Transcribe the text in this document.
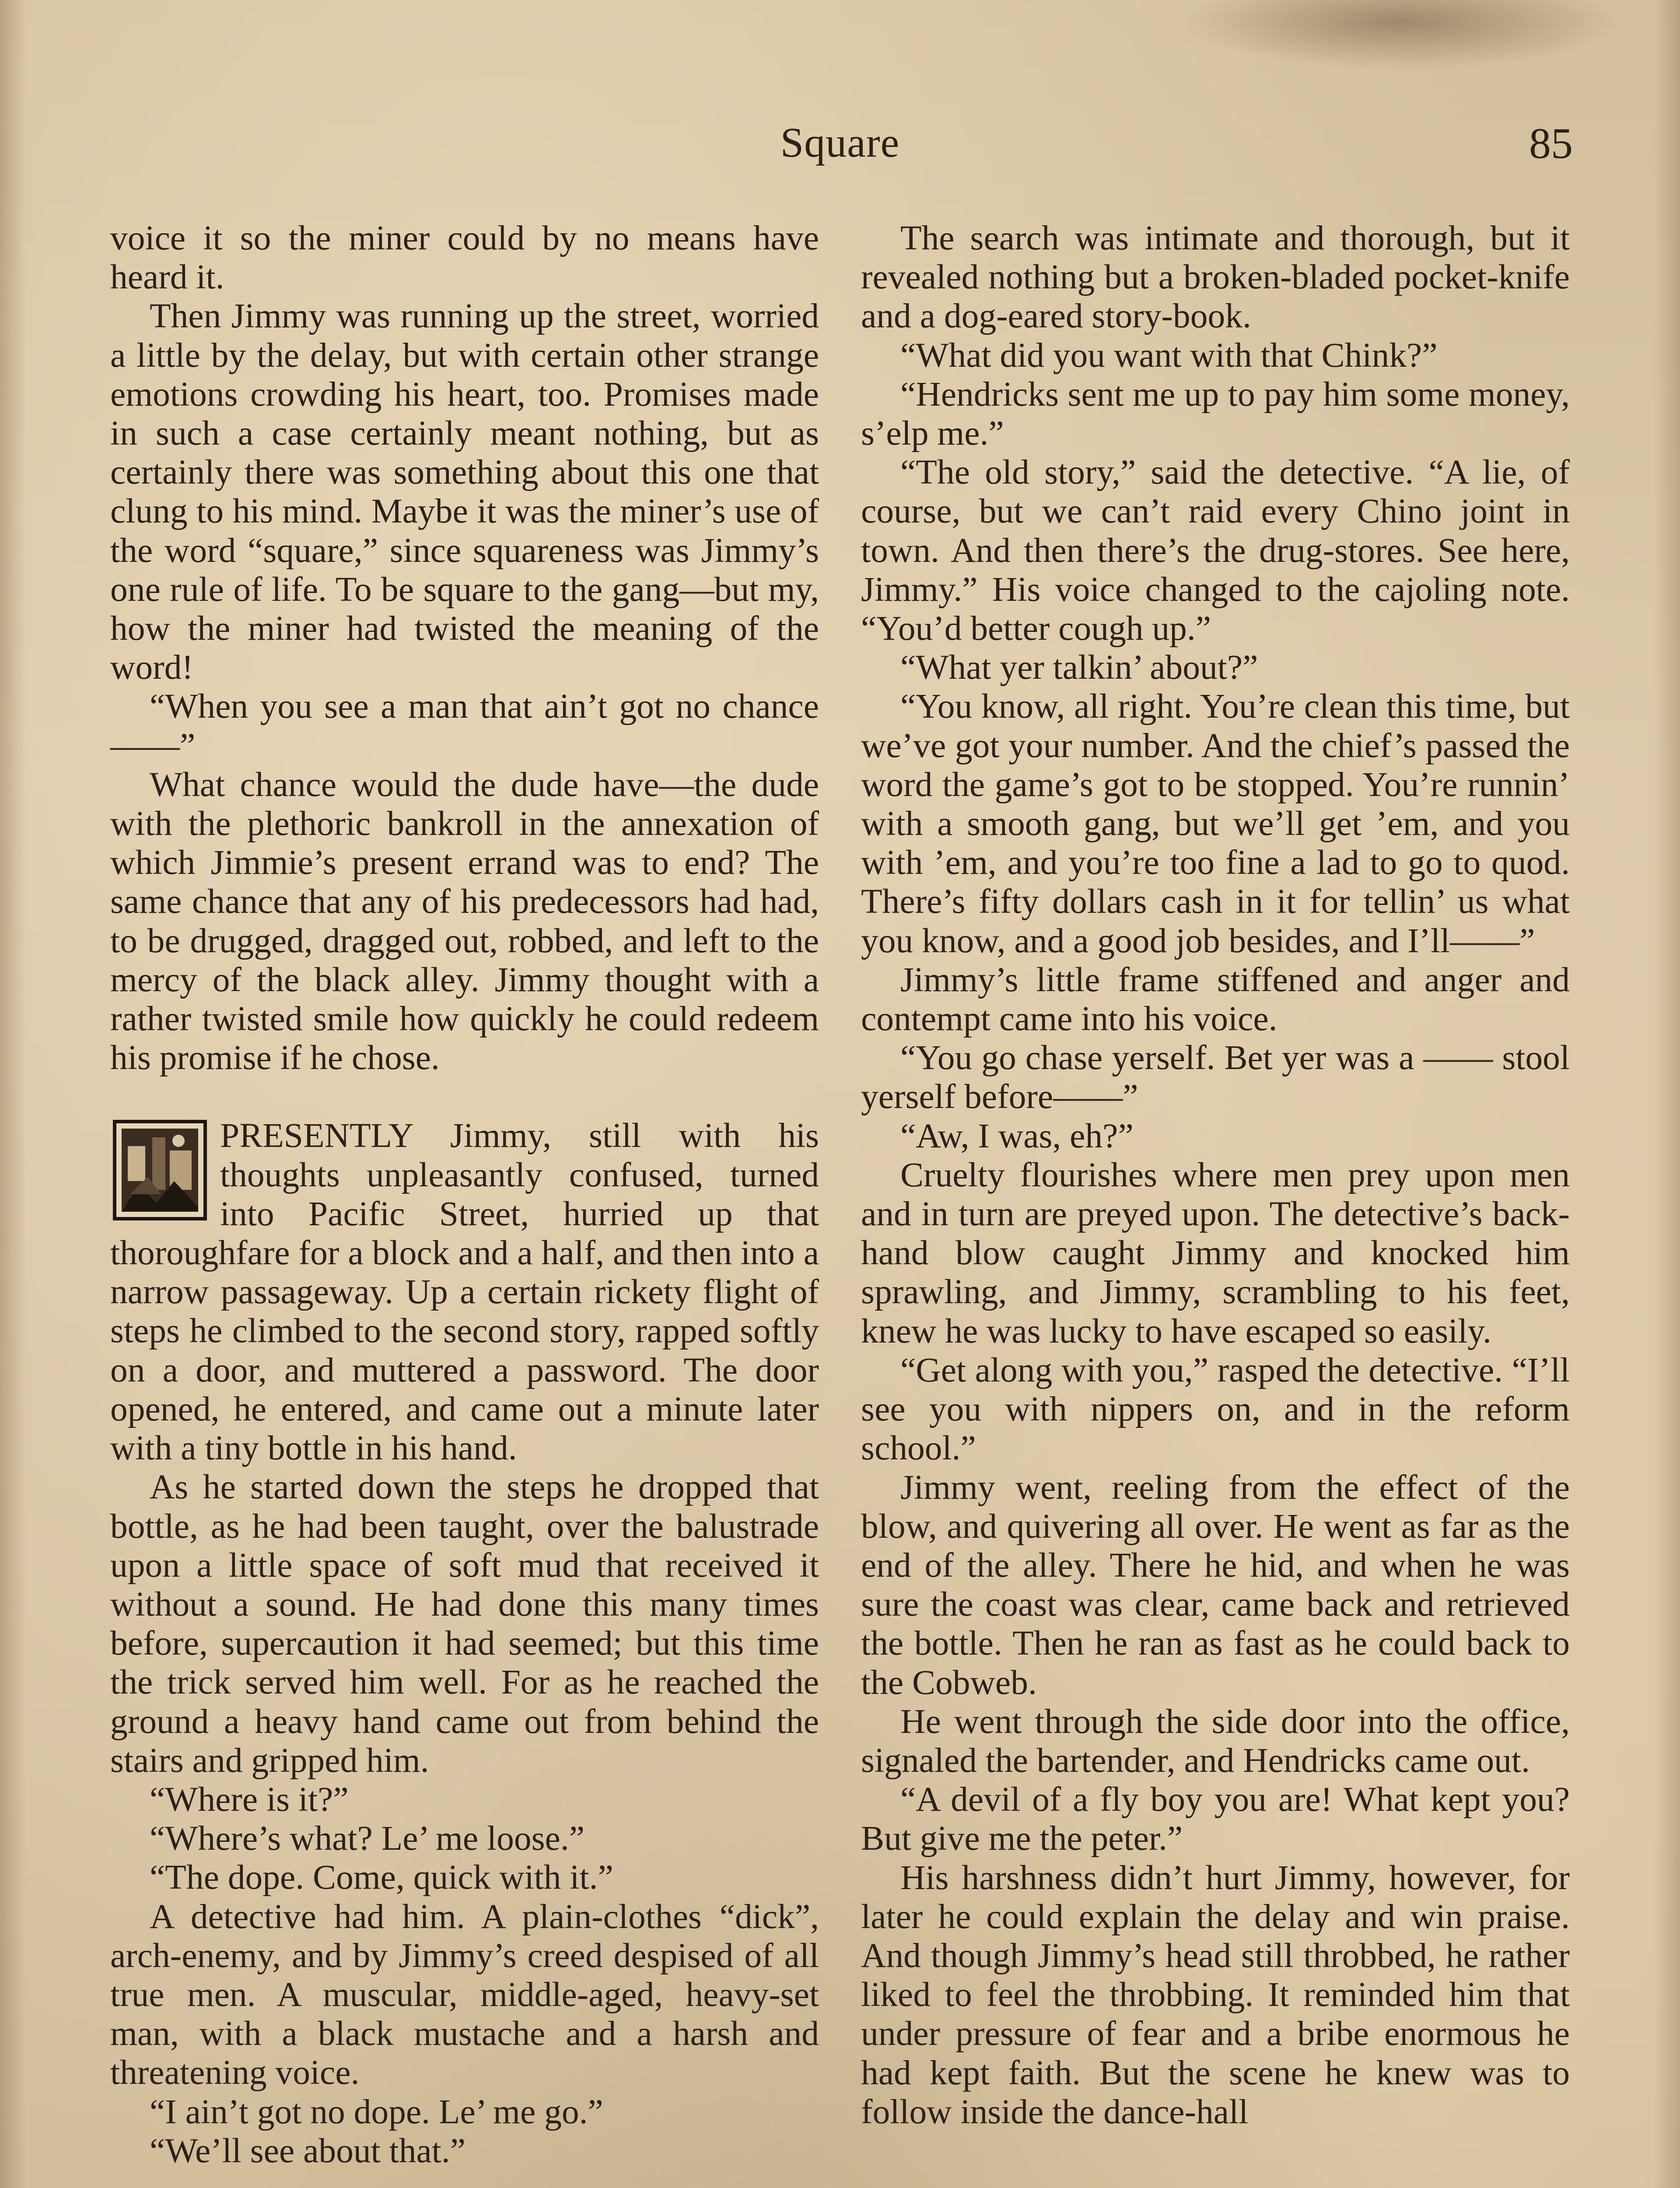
Square	85

voice it so the miner could by no means have heard it.

Then Jimmy was running up the street, worried a little by the delay, but with certain other strange emotions crowding his heart, too. Promises made in such a case certainly meant nothing, but as certainly there was something about this one that clung to his mind. Maybe it was the miner’s use of the word “square,” since squareness was Jimmy’s one rule of life. To be square to the gang—but my, how the miner had twisted the meaning of the word!

“When you see a man that ain’t got no chance——”

What chance would the dude have—the dude with the plethoric bankroll in the annexation of which Jimmie’s present errand was to end? The same chance that any of his predecessors had had, to be drugged, dragged out, robbed, and left to the mercy of the black alley. Jimmy thought with a rather twisted smile how quickly he could redeem his promise if he chose.

PRESENTLY Jimmy, still with his thoughts unpleasantly confused, turned into Pacific Street, hurried up that thoroughfare for a block and a half, and then into a narrow passageway. Up a certain rickety flight of steps he climbed to the second story, rapped softly on a door, and muttered a password. The door opened, he entered, and came out a minute later with a tiny bottle in his hand.

As he started down the steps he dropped that bottle, as he had been taught, over the balustrade upon a little space of soft mud that received it without a sound. He had done this many times before, supercaution it had seemed; but this time the trick served him well. For as he reached the ground a heavy hand came out from behind the stairs and gripped him.

“Where is it?”

“Where’s what? Le’ me loose.”

“The dope. Come, quick with it.”

A detective had him. A plain-clothes “dick”, arch-enemy, and by Jimmy’s creed despised of all true men. A muscular, middle-aged, heavy-set man, with a black mustache and a harsh and threatening voice.

“I ain’t got no dope. Le’ me go.”

“We’ll see about that.”

The search was intimate and thorough, but it revealed nothing but a broken-bladed pocket-knife and a dog-eared story-book.

“What did you want with that Chink?”

“Hendricks sent me up to pay him some money, s’elp me.”

“The old story,” said the detective. “A lie, of course, but we can’t raid every Chino joint in town. And then there’s the drug-stores. See here, Jimmy.” His voice changed to the cajoling note. “You’d better cough up.”

“What yer talkin’ about?”

“You know, all right. You’re clean this time, but we’ve got your number. And the chief’s passed the word the game’s got to be stopped. You’re runnin’ with a smooth gang, but we’ll get ’em, and you with ’em, and you’re too fine a lad to go to quod. There’s fifty dollars cash in it for tellin’ us what you know, and a good job besides, and I’ll——”

Jimmy’s little frame stiffened and anger and contempt came into his voice.

“You go chase yerself. Bet yer was a —— stool yerself before——”

“Aw, I was, eh?”

Cruelty flourishes where men prey upon men and in turn are preyed upon. The detective’s back-hand blow caught Jimmy and knocked him sprawling, and Jimmy, scrambling to his feet, knew he was lucky to have escaped so easily.

“Get along with you,” rasped the detective. “I’ll see you with nippers on, and in the reform school.”

Jimmy went, reeling from the effect of the blow, and quivering all over. He went as far as the end of the alley. There he hid, and when he was sure the coast was clear, came back and retrieved the bottle. Then he ran as fast as he could back to the Cobweb.

He went through the side door into the office, signaled the bartender, and Hendricks came out.

“A devil of a fly boy you are! What kept you? But give me the peter.”

His harshness didn’t hurt Jimmy, however, for later he could explain the delay and win praise. And though Jimmy’s head still throbbed, he rather liked to feel the throbbing. It reminded him that under pressure of fear and a bribe enormous he had kept faith. But the scene he knew was to follow inside the dance-hall
